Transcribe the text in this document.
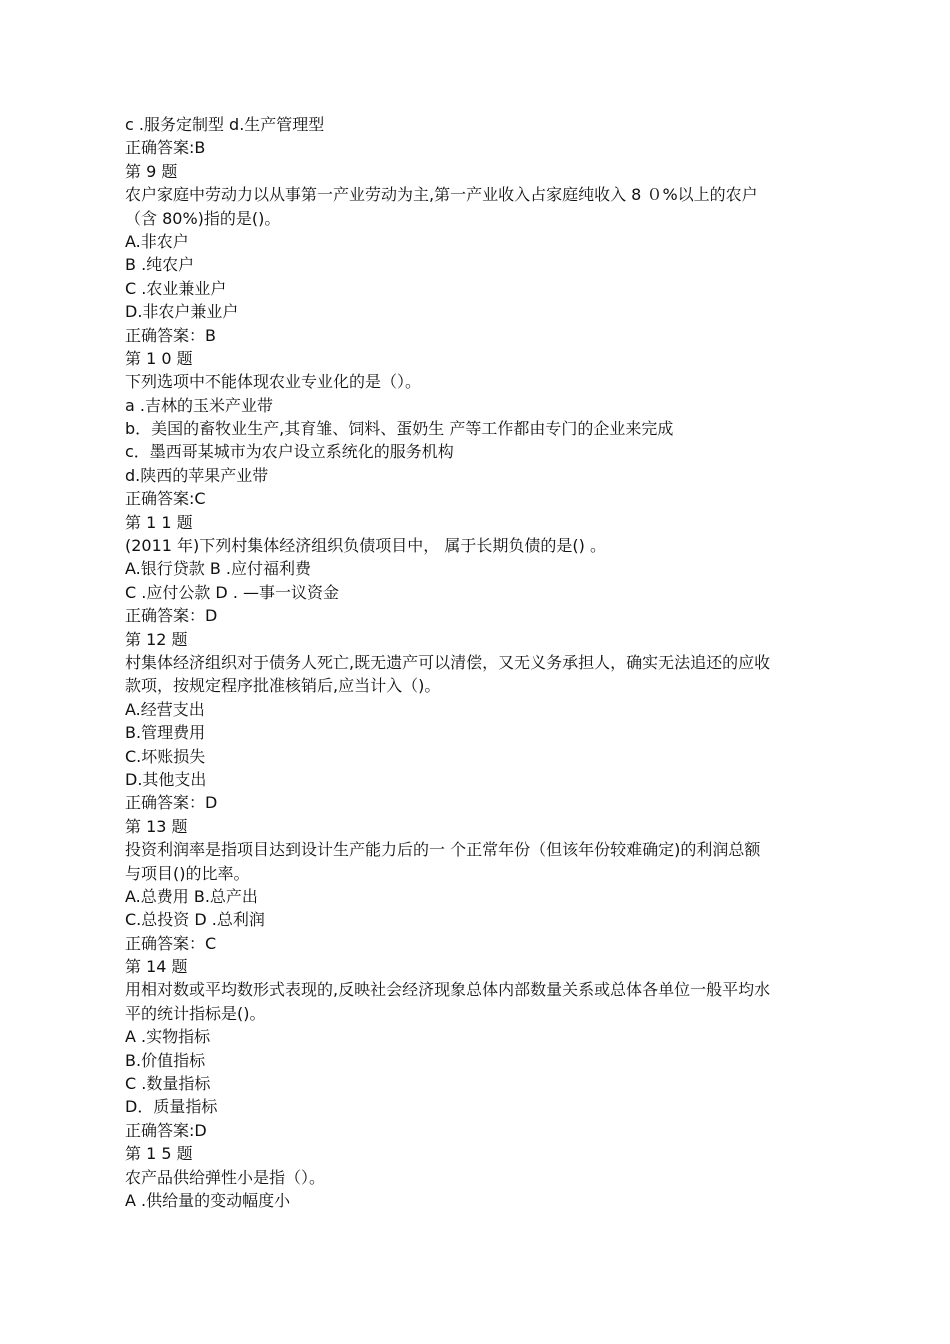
c .服务定制型 d.生产管理型
正确答案:B
第 9 题
农户家庭中劳动力以从事第一产业劳动为主,第一产业收入占家庭纯收入 8 ０%以上的农户
（含 80%)指的是()。
A.非农户
B .纯农户
C .农业兼业户
D.非农户兼业户
正确答案：B
第 1 0 题
下列选项中不能体现农业专业化的是（）。
a .吉林的玉米产业带
b．美国的畜牧业生产,其育雏、饲料、蛋奶生 产等工作都由专门的企业来完成
c．墨西哥某城市为农户设立系统化的服务机构
d.陕西的苹果产业带
正确答案:C
第 1 1 题
(2011 年)下列村集体经济组织负债项目中， 属于长期负债的是() 。
A.银行贷款 B .应付福利费
C .应付公款 D . —事一议资金
正确答案：D
第 12 题
村集体经济组织对于债务人死亡,既无遗产可以清偿，又无义务承担人，确实无法追还的应收
款项，按规定程序批准核销后,应当计入（)。
A.经营支出
B.管理费用
C.坏账损失
D.其他支出
正确答案：D
第 13 题
投资利润率是指项目达到设计生产能力后的一 个正常年份（但该年份较难确定)的利润总额
与项目()的比率。
A.总费用 B.总产出
C.总投资 D .总利润
正确答案：C
第 14 题
用相对数或平均数形式表现的,反映社会经济现象总体内部数量关系或总体各单位一般平均水
平的统计指标是()。
A .实物指标
B.价值指标
C .数量指标
D．质量指标
正确答案:D
第 1 5 题
农产品供给弹性小是指（）。
A .供给量的变动幅度小
